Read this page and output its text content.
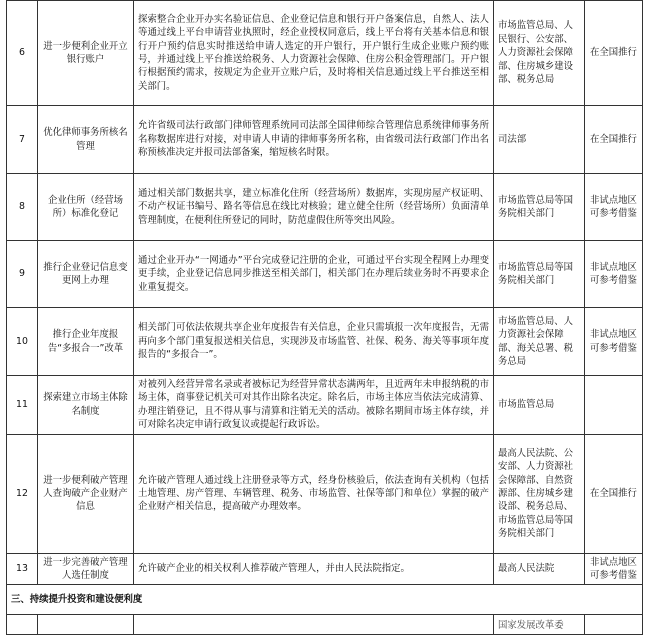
6	进一步便利企业开立银行账户	探索整合企业开办实名验证信息、企业登记信息和银行开户备案信息，自然人、法人等通过线上平台申请营业执照时，经企业授权同意后，线上平台将有关基本信息和银行开户预约信息实时推送给申请人选定的开户银行，开户银行生成企业账户预约账号，并通过线上平台推送给税务、人力资源社会保障、住房公积金管理部门。开户银行根据预约需求，按规定为企业开立账户后，及时将相关信息通过线上平台推送至相关部门。	市场监管总局、人民银行、公安部、人力资源社会保障部、住房城乡建设部、税务总局	在全国推行
7	优化律师事务所核名管理	允许省级司法行政部门律师管理系统同司法部全国律师综合管理信息系统律师事务所名称数据库进行对接，对申请人申请的律师事务所名称，由省级司法行政部门作出名称预核准决定并报司法部备案，缩短核名时限。	司法部	在全国推行
8	企业住所（经营场所）标准化登记	通过相关部门数据共享，建立标准化住所（经营场所）数据库，实现房屋产权证明、不动产权证书编号、路名等信息在线比对核验；建立健全住所（经营场所）负面清单管理制度，在便利住所登记的同时，防范虚假住所等突出风险。	市场监管总局等国务院相关部门	非试点地区可参考借鉴
9	推行企业登记信息变更网上办理	通过企业开办“一网通办”平台完成登记注册的企业，可通过平台实现全程网上办理变更手续，企业登记信息同步推送至相关部门，相关部门在办理后续业务时不再要求企业重复提交。	市场监管总局等国务院相关部门	非试点地区可参考借鉴
10	推行企业年度报告“多报合一”改革	相关部门可依法依规共享企业年度报告有关信息，企业只需填报一次年度报告，无需再向多个部门重复报送相关信息，实现涉及市场监管、社保、税务、海关等事项年度报告的“多报合一”。	市场监管总局、人力资源社会保障部、海关总署、税务总局	非试点地区可参考借鉴
11	探索建立市场主体除名制度	对被列入经营异常名录或者被标记为经营异常状态满两年，且近两年未申报纳税的市场主体，商事登记机关可对其作出除名决定。除名后，市场主体应当依法完成清算、办理注销登记，且不得从事与清算和注销无关的活动。被除名期间市场主体存续，并可对除名决定申请行政复议或提起行政诉讼。	市场监管总局	
12	进一步便利破产管理人查询破产企业财产信息	允许破产管理人通过线上注册登录等方式，经身份核验后，依法查询有关机构（包括土地管理、房产管理、车辆管理、税务、市场监管、社保等部门和单位）掌握的破产企业财产相关信息，提高破产办理效率。	最高人民法院、公安部、人力资源社会保障部、自然资源部、住房城乡建设部、税务总局、市场监管总局等国务院相关部门	在全国推行
13	进一步完善破产管理人选任制度	允许破产企业的相关权利人推荐破产管理人，并由人民法院指定。	最高人民法院	非试点地区可参考借鉴
三、持续提升投资和建设便利度				
			国家发展改革委	
